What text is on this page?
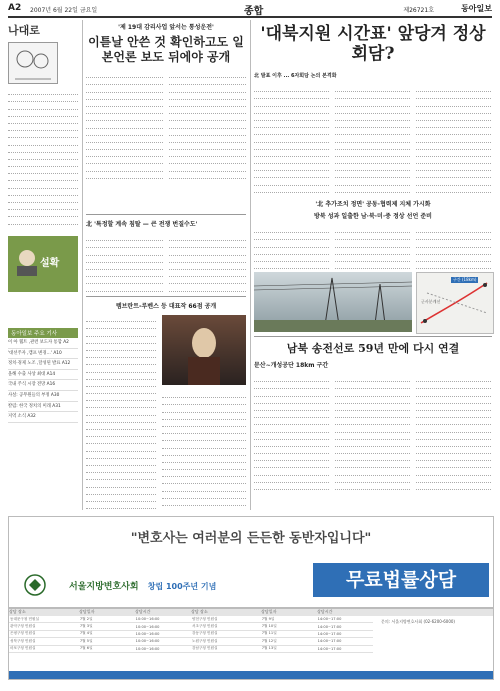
A2 2007년 6월 22일 금요일	종합	제26721호	동아일보
나대로
설확
동아일보 주요 기사
이 아 웹트 ,관련 보도자 통합 A2
'대선주자 ,캠프 변경…' A10
정치·경제 노조 ,달성된 발표 A12
올해 수출 사상 최대 A14
국내 주식 시장 전망 A16
사설: 공무원들의 부정 A30
칼럼: 한국 정치의 미래 A31
지역 소식 A32
'제 19대 감리사업 앞서는 통성운전'
이튿날 안쓴 것 확인하고도 일본언론 보도 뒤에야 공개
北 '특정할 계속 침탈 — 큰 전쟁 번질수도'
템브란트-루벤스 등 대표작 66점 공개
'대북지원 시간표' 앞당겨 정상회담?
北 발표 이후 ... 6자회담 논의 본격화
'北 추가조치 정면' 공동·협력제 지체 가시화
방북 성과 일출한 남·북·미·중 정상 선언 준비
구간 (18km)
군사분계선
남북 송전선로 59년 만에 다시 연결
문산∼개성공단 18km 구간
"변호사는 여러분의 든든한 동반자입니다"
서울지방변호사회 창립 100주년 기념	무료법률상담
상담 장소	상담일자	상담시간	상담 장소	상담일자	상담시간
동대문구청 민원실	7월 2일	10:00~16:00	양천구청 민원실	7월 9일	14:00~17:00
관악구청 민원실	7월 3일	10:00~16:00	서초구청 민원실	7월 10일	14:00~17:00
은평구청 민원실	7월 4일	10:00~16:00	강동구청 민원실	7월 11일	14:00~17:00
성북구청 민원실	7월 5일	10:00~16:00	노원구청 민원실	7월 12일	14:00~17:00
마포구청 민원실	7월 6일	10:00~16:00	강남구청 민원실	7월 13일	14:00~17:00
문의: 서울지방변호사회 (02-6200-6000)
